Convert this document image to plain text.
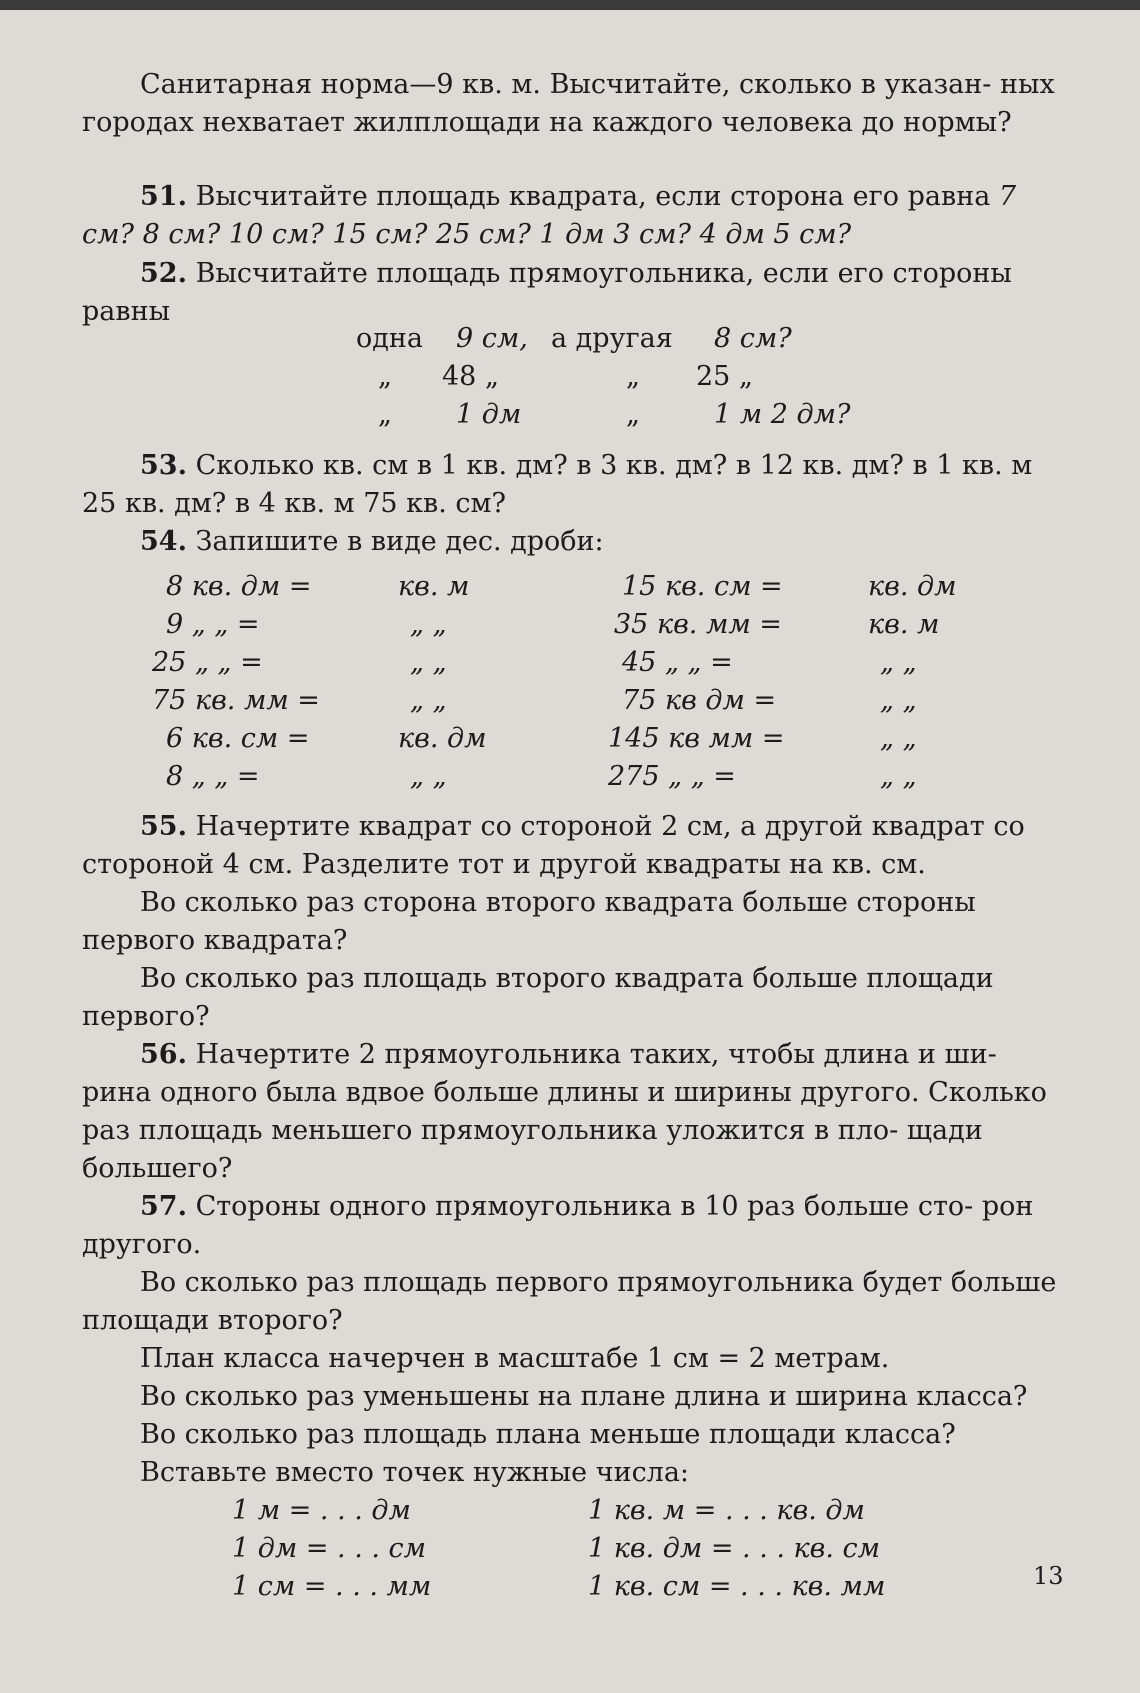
Санитарная норма—9 кв. м. Высчитайте, сколько в указан- ных городах нехватает жилплощади на каждого человека до нормы?
51. Высчитайте площадь квадрата, если сторона его равна 7 см? 8 см? 10 см? 15 см? 25 см? 1 дм 3 см? 4 дм 5 см?
52. Высчитайте площадь прямоугольника, если его стороны равны
одна 9 см, а другая 8 см?
„ 48 „	„ 25 „
„ 1 дм	„	1 м 2 дм?
53. Сколько кв. см в 1 кв. дм? в 3 кв. дм? в 12 кв. дм? в 1 кв. м 25 кв. дм? в 4 кв. м 75 кв. см?
54. Запишите в виде дес. дроби:
8 кв. дм =	кв. м	15 кв. см =	кв. дм
9 „ „ =	„ „	35 кв. мм =	кв. м
25 „ „ =	„ „	45 „ „ =	„ „
75 кв. мм =	„ „	75 кв дм =	„ „
6 кв. см =	кв. дм	145 кв мм =	„ „
8 „ „ =	„ „	275 „ „ =	„ „
55. Начертите квадрат со стороной 2 см, а другой квадрат со стороной 4 см. Разделите тот и другой квадраты на кв. см.
Во сколько раз сторона второго квадрата больше стороны первого квадрата?
Во сколько раз площадь второго квадрата больше площади первого?
56. Начертите 2 прямоугольника таких, чтобы длина и ши- рина одного была вдвое больше длины и ширины другого. Сколько раз площадь меньшего прямоугольника уложится в пло- щади большего?
57. Стороны одного прямоугольника в 10 раз больше сто- рон другого.
Во сколько раз площадь первого прямоугольника будет больше площади второго?
План класса начерчен в масштабе 1 см = 2 метрам.
Во сколько раз уменьшены на плане длина и ширина класса?
Во сколько раз площадь плана меньше площади класса?
Вставьте вместо точек нужные числа:
1 м = . . . дм	1 кв. м = . . . кв. дм
1 дм = . . . см	1 кв. дм = . . . кв. см
1 см = . . . мм	1 кв. см = . . . кв. мм	13
